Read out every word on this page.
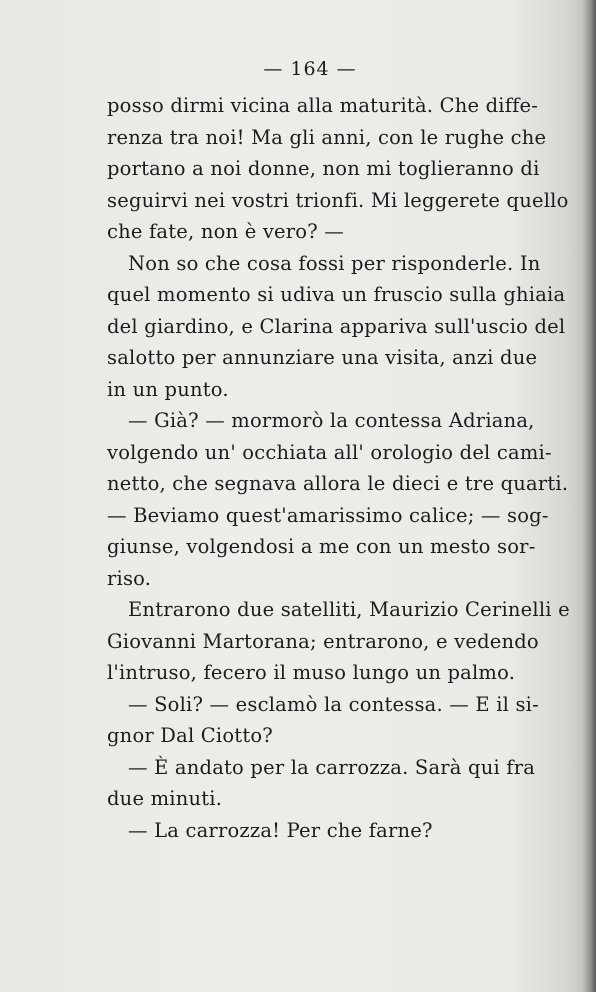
— 164 —
posso dirmi vicina alla maturità. Che diffe-
renza tra noi! Ma gli anni, con le rughe che
portano a noi donne, non mi toglieranno di
seguirvi nei vostri trionfi. Mi leggerete quello
che fate, non è vero? —
Non so che cosa fossi per risponderle. In
quel momento si udiva un fruscio sulla ghiaia
del giardino, e Clarina appariva sull'uscio del
salotto per annunziare una visita, anzi due
in un punto.
— Già? — mormorò la contessa Adriana,
volgendo un' occhiata all' orologio del cami-
netto, che segnava allora le dieci e tre quarti.
— Beviamo quest'amarissimo calice; — sog-
giunse, volgendosi a me con un mesto sor-
riso.
Entrarono due satelliti, Maurizio Cerinelli e
Giovanni Martorana; entrarono, e vedendo
l'intruso, fecero il muso lungo un palmo.
— Soli? — esclamò la contessa. — E il si-
gnor Dal Ciotto?
— È andato per la carrozza. Sarà qui fra
due minuti.
— La carrozza! Per che farne?
